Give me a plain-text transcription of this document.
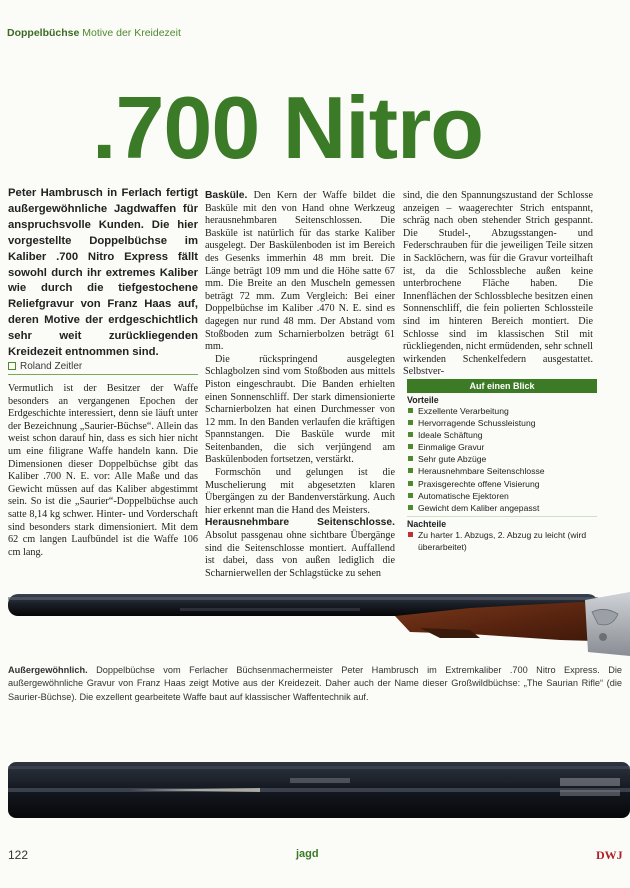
Doppelbüchse Motive der Kreidezeit
.700 Nitro
Peter Hambrusch in Ferlach fertigt außergewöhnliche Jagdwaffen für anspruchsvolle Kunden. Die hier vorgestellte Doppelbüchse im Kaliber .700 Nitro Express fällt sowohl durch ihr extremes Kaliber wie durch die tiefgestochene Reliefgravur von Franz Haas auf, deren Motive der erdgeschichtlich sehr weit zurückliegenden Kreidezeit entnommen sind.
Roland Zeitler

Vermutlich ist der Besitzer der Waffe besonders an vergangenen Epochen der Erdgeschichte interessiert, denn sie läuft unter der Bezeichnung „Saurier-Büchse“. Allein das weist schon darauf hin, dass es sich hier nicht um eine filigrane Waffe handeln kann. Die Dimensionen dieser Doppelbüchse gibt das Kaliber .700 N. E. vor: Alle Maße und das Gewicht müssen auf das Kaliber abgestimmt sein. So ist die „Saurier“-Doppelbüchse auch satte 8,14 kg schwer. Hinter- und Vorderschaft sind besonders stark dimensioniert. Mit dem 62 cm langen Laufbündel ist die Waffe 106 cm lang.

Basküle. Den Kern der Waffe bildet die Basküle mit den von Hand ohne Werkzeug herausnehmbaren Seitenschlossen. Die Basküle ist natürlich für das starke Kaliber ausgelegt. Der Baskülenboden ist im Bereich des Gesenks immerhin 48 mm breit. Die Länge beträgt 109 mm und die Höhe satte 67 mm. Die Breite an den Muscheln gemessen beträgt 72 mm. Zum Vergleich: Bei einer Doppelbüchse im Kaliber .470 N. E. sind es dagegen nur rund 48 mm. Der Abstand vom Stoßboden zum Scharnierbolzen beträgt 61 mm.

Die rückspringend ausgelegten Schlagbolzen sind vom Stoßboden aus mittels Piston eingeschraubt. Die Banden erhielten einen Sonnenschliff. Der stark dimensionierte Scharnierbolzen hat einen Durchmesser von 12 mm. In den Banden verlaufen die kräftigen Spannstangen. Die Basküle wurde mit Seitenbanden, die sich verjüngend am Baskülenboden fortsetzen, verstärkt.

Formschön und gelungen ist die Muschelierung mit abgesetzten klaren Übergängen zu der Bandenverstärkung. Auch hier erkennt man die Hand des Meisters.

Herausnehmbare Seitenschlosse. Absolut passgenau ohne sichtbare Übergänge sind die Seitenschlosse montiert. Auffallend ist dabei, dass von außen lediglich die Scharnierwellen der Schlagstücke zu sehen

sind, die den Spannungszustand der Schlosse anzeigen – waagerechter Strich entspannt, schräg nach oben stehender Strich gespannt. Die Studel-, Abzugsstangen- und Federschrauben für die jeweiligen Teile sitzen in Sacklöchern, was für die Gravur vorteilhaft ist, da die Schlossbleche außen keine unterbrochene Fläche haben. Die Innenflächen der Schlossbleche besitzen einen Sonnenschliff, die fein polierten Schlossteile sind im hinteren Bereich montiert. Die Schlosse sind im klassischen Stil mit rückliegenden, nicht ermüdenden, sehr schnell wirkenden Schenkelfedern ausgestattet. Selbstver-

Auf einen Blick
Vorteile
Exzellente Verarbeitung
Hervorragende Schussleistung
Ideale Schäftung
Einmalige Gravur
Sehr gute Abzüge
Herausnehmbare Seitenschlosse
Praxisgerechte offene Visierung
Automatische Ejektoren
Gewicht dem Kaliber angepasst
Nachteile
Zu harter 1. Abzugs, 2. Abzug zu leicht (wird überarbeitet)
Außergewöhnlich. Doppelbüchse vom Ferlacher Büchsenmachermeister Peter Hambrusch im Extremkaliber .700 Nitro Express. Die außergewöhnliche Gravur von Franz Haas zeigt Motive aus der Kreidezeit. Daher auch der Name dieser Großwildbüchse: „The Saurian Rifle“ (die Saurier-Büchse). Die exzellent gearbeitete Waffe baut auf klassischer Waffentechnik auf.
122	jagd	DWJ
